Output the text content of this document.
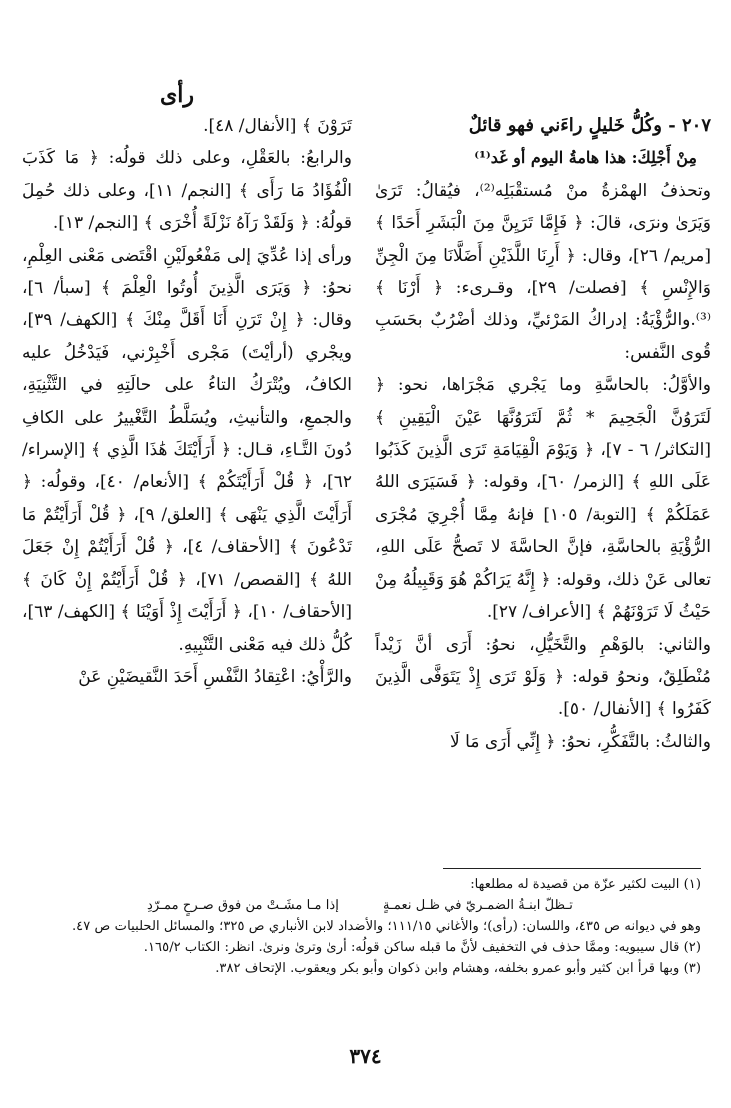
رأى

٢٠٧ - وكُلُّ خَليلٍ راءَني فهو قائلٌ

مِنْ أَجْلِكَ: هذا هامةُ اليوم أو غَد⁽¹⁾

وتحذفُ الهمْزةُ منْ مُستقْبَلِه⁽²⁾، فيُقالُ: تَرَىٰ وَيَرَىٰ ونرَى، قالَ: ﴿ فَإِمَّا تَرَيِنَّ مِنَ الْبَشَرِ أَحَدًا ﴾ [مريم/ ٢٦]، وقال: ﴿ أَرِنَا اللَّذَيْنِ أَضَلَّانَا مِنَ الْجِنِّ وَالإِنْسِ ﴾ [فصلت/ ٢٩]، وقـرىء: ﴿ أَرْنَا ﴾⁽³⁾.والرُّؤْيَةُ: إدراكُ المَرْئيِّ، وذلك أضْرُبٌ بحَسَبِ قُوى النَّفس:

والأوَّلُ: بالحاسَّةِ وما يَجْري مَجْرَاها، نحو: ﴿ لَتَرَوُنَّ الْجَحِيمَ * ثُمَّ لَتَرَوُنَّهَا عَيْنَ الْيَقِينِ ﴾ [التكاثر/ ٦ - ٧]، ﴿ وَيَوْمَ الْقِيَامَةِ تَرَى الَّذِينَ كَذَبُوا عَلَى اللهِ ﴾ [الزمر/ ٦٠]، وقوله: ﴿ فَسَيَرَى اللهُ عَمَلَكُمْ ﴾ [التوبة/ ١٠٥] فإنهُ مِمَّا أُجْرِيَ مُجْرَى الرُّؤْيَةِ بالحاسَّةِ، فإنَّ الحاسَّةَ لا تَصحُّ عَلَى اللهِ، تعالى عَنْ ذلك، وقوله: ﴿ إِنَّهُ يَرَاكُمْ هُوَ وَقَبِيلُهُ مِنْ حَيْثُ لَا تَرَوْنَهُمْ ﴾ [الأعراف/ ٢٧].

والثاني: بالوَهْمِ والتَّخَيُّلِ، نحوُ: أَرَى أنَّ زَيْداً مُنْطَلِقٌ، ونحوُ قوله: ﴿ وَلَوْ تَرَى إِذْ يَتَوَفَّى الَّذِينَ كَفَرُوا ﴾ [الأنفال/ ٥٠].

والثالثُ: بالتَّفَكُّرِ، نحوُ: ﴿ إِنِّي أَرَى مَا لَا

تَرَوْنَ ﴾ [الأنفال/ ٤٨].

والرابعُ: بالعَقْلِ، وعلى ذلك قولُه: ﴿ مَا كَذَبَ الْفُؤَادُ مَا رَأَى ﴾ [النجم/ ١١]، وعلى ذلك حُمِلَ قولُهُ: ﴿ وَلَقَدْ رَآهُ نَزْلَةً أُخْرَى ﴾ [النجم/ ١٣].

ورأى إذا عُدِّيَ إلى مَفْعُولَيْنِ اقْتَضى مَعْنى العِلْمِ، نحوُ: ﴿ وَيَرَى الَّذِينَ أُوتُوا الْعِلْمَ ﴾ [سبأ/ ٦]، وقال: ﴿ إِنْ تَرَنِ أَنَا أَقَلَّ مِنْكَ ﴾ [الكهف/ ٣٩]، ويجْري (أرأيْتَ) مَجْرى أَخْبِرْني، فَيَدْخُلُ عليه الكافُ، ويُتْرَكُ التاءُ على حالَتِهِ في التَّثْنِيَةِ، والجمعِ، والتأنيثِ، ويُسَلَّطُ التَّغْييرُ على الكافِ دُونَ التَّـاءِ، قـال: ﴿ أَرَأَيْتَكَ هَٰذَا الَّذِي ﴾ [الإسراء/ ٦٢]، ﴿ قُلْ أَرَأَيْتَكُمْ ﴾ [الأنعام/ ٤٠]، وقولُه: ﴿ أَرَأَيْتَ الَّذِي يَنْهَى ﴾ [العلق/ ٩]، ﴿ قُلْ أَرَأَيْتُمْ مَا تَدْعُونَ ﴾ [الأحقاف/ ٤]، ﴿ قُلْ أَرَأَيْتُمْ إِنْ جَعَلَ اللهُ ﴾ [القصص/ ٧١]، ﴿ قُلْ أَرَأَيْتُمْ إِنْ كَانَ ﴾ [الأحقاف/ ١٠]، ﴿ أَرَأَيْتَ إِذْ أَوَيْنَا ﴾ [الكهف/ ٦٣]، كُلُّ ذلك فيه مَعْنى التَّنْبِيهِ.

والرَّأْيُ: اعْتِقادُ النَّفْسِ أَحَدَ النَّقيضَيْنِ عَنْ

(١) البيت لكثير عزّة من قصيدة له مطلعها:

تـظلّ ابنـةُ الضمـريّ في ظـل نعمـةٍ
إذا مـا مشَـتْ من فوق صـرحٍ ممـرّدِ

وهو في ديوانه ص ٤٣٥، واللسان: (رأى)؛ والأغاني ١١١/١٥؛ والأضداد لابن الأنباري ص ٣٢٥؛ والمسائل الحلبيات ص ٤٧.

(٢) قال سيبويه: وممَّا حذف في التخفيف لأنَّ ما قبله ساكن قولُه: أرىٰ وترىٰ ونرىٰ. انظر: الكتاب ١٦٥/٢.

(٣) وبها قرأ ابن كثير وأبو عمرو بخلفه، وهشام وابن ذكوان وأبو بكر ويعقوب. الإتحاف ٣٨٢.

٣٧٤
